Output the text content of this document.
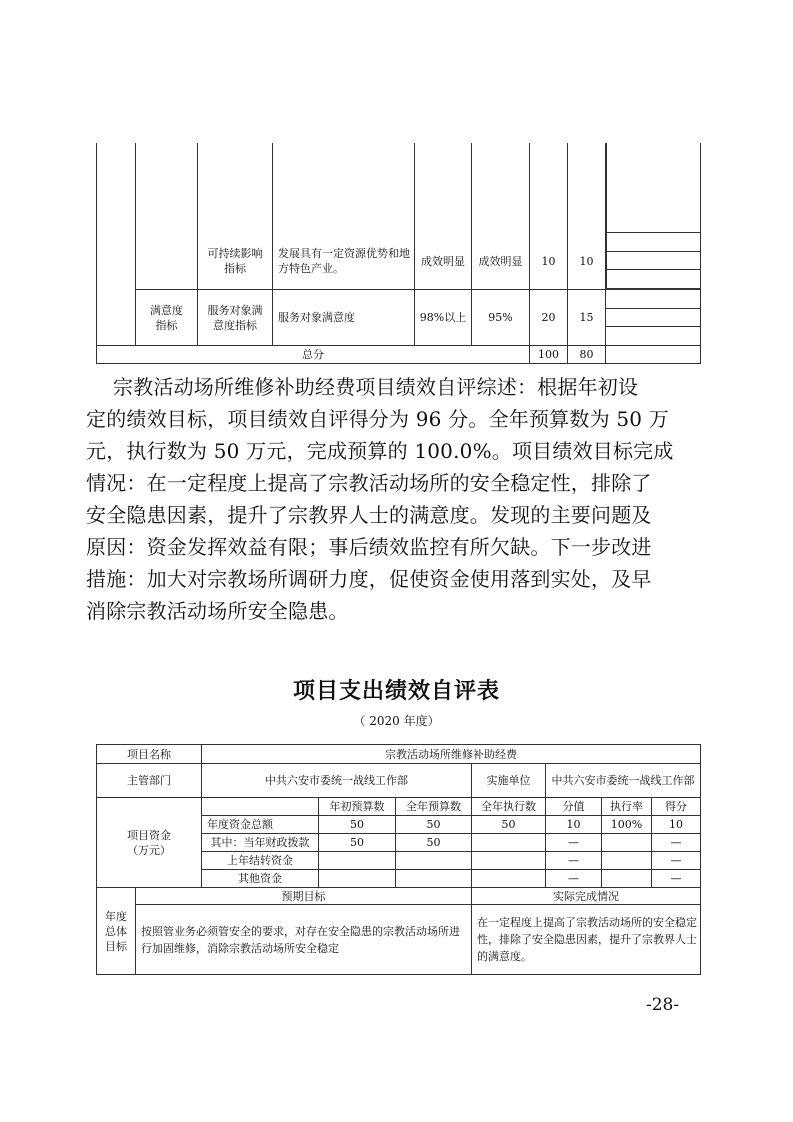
		可持续影响指标	发展具有一定资源优势和地方特色产业。	成效明显	成效明显	10	10	
	满意度指标	服务对象满意度指标	服务对象满意度	98%以上	95%	20	15	

总分						100	80	
宗教活动场所维修补助经费项目绩效自评综述：根据年初设
定的绩效目标，项目绩效自评得分为 96 分。全年预算数为 50 万
元，执行数为 50 万元，完成预算的 100.0%。项目绩效目标完成
情况：在一定程度上提高了宗教活动场所的安全稳定性，排除了
安全隐患因素，提升了宗教界人士的满意度。发现的主要问题及
原因：资金发挥效益有限；事后绩效监控有所欠缺。下一步改进
措施：加大对宗教场所调研力度，促使资金使用落到实处，及早
消除宗教活动场所安全隐患。
项目支出绩效自评表
（ 2020 年度）
项目名称		宗教活动场所维修补助经费						
主管部门		中共六安市委统一战线工作部			实施单位	中共六安市委统一战线工作部		
项目资金（万元）			年初预算数	全年预算数	全年执行数	分值	执行率	得分
		年度资金总额	50	50	50	10	100%	10
		其中：当年财政拨款	50	50		—		—
		上年结转资金				—		—
		其他资金				—		—
年度总体目标	预期目标				实际完成情况			
	按照管业务必须管安全的要求，对存在安全隐患的宗教活动场所进行加固维修，消除宗教活动场所安全稳定				在一定程度上提高了宗教活动场所的安全稳定性，排除了安全隐患因素，提升了宗教界人士的满意度。			
-28-
